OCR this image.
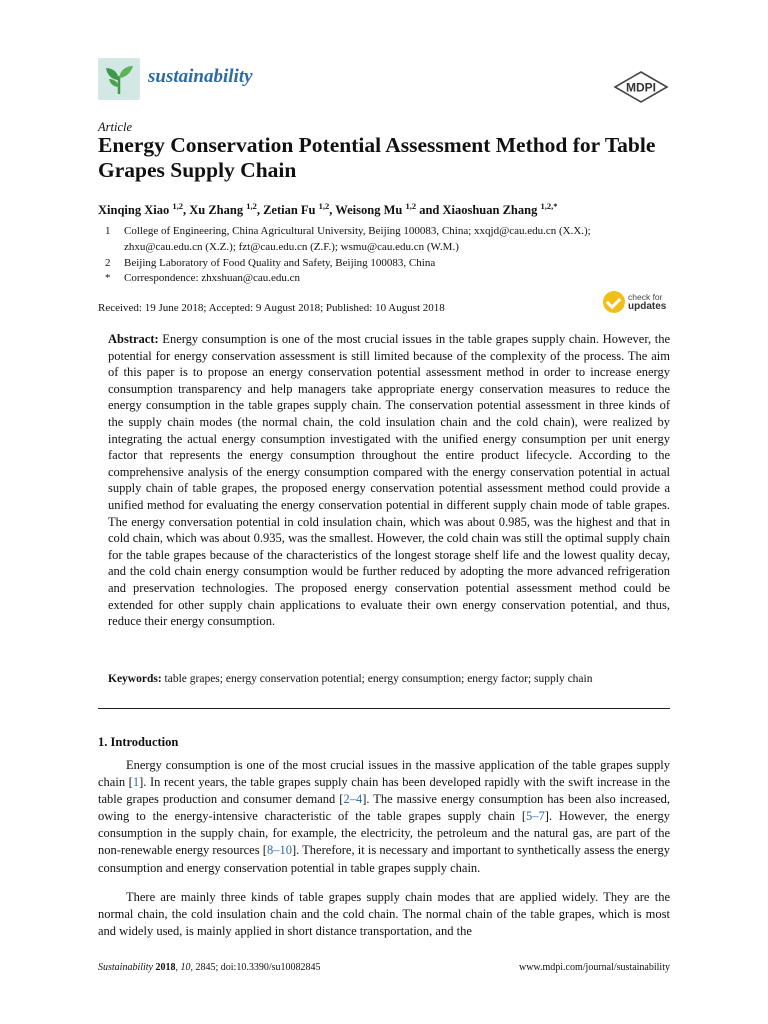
sustainability
MDPI
Article
Energy Conservation Potential Assessment Method for Table Grapes Supply Chain
Xinqing Xiao $^{1,2}$, Xu Zhang $^{1,2}$, Zetian Fu $^{1,2}$, Weisong Mu $^{1,2}$ and Xiaoshuan Zhang $^{1,2,*}$
1 College of Engineering, China Agricultural University, Beijing 100083, China; xxqjd@cau.edu.cn (X.X.); zhxu@cau.edu.cn (X.Z.); fzt@cau.edu.cn (Z.F.); wsmu@cau.edu.cn (W.M.)
2 Beijing Laboratory of Food Quality and Safety, Beijing 100083, China
* Correspondence: zhxshuan@cau.edu.cn
Received: 19 June 2018; Accepted: 9 August 2018; Published: 10 August 2018
check for
updates

Abstract: Energy consumption is one of the most crucial issues in the table grapes supply chain. However, the potential for energy conservation assessment is still limited because of the complexity of the process. The aim of this paper is to propose an energy conservation potential assessment method in order to increase energy consumption transparency and help managers take appropriate energy conservation measures to reduce the energy consumption in the table grapes supply chain. The conservation potential assessment in three kinds of the supply chain modes (the normal chain, the cold insulation chain and the cold chain), were realized by integrating the actual energy consumption investigated with the unified energy consumption per unit energy factor that represents the energy consumption throughout the entire product lifecycle. According to the comprehensive analysis of the energy consumption compared with the energy conservation potential in actual supply chain of table grapes, the proposed energy conservation potential assessment method could provide a unified method for evaluating the energy conservation potential in different supply chain mode of table grapes. The energy conversation potential in cold insulation chain, which was about 0.985, was the highest and that in cold chain, which was about 0.935, was the smallest. However, the cold chain was still the optimal supply chain for the table grapes because of the characteristics of the longest storage shelf life and the lowest quality decay, and the cold chain energy consumption would be further reduced by adopting the more advanced refrigeration and preservation technologies. The proposed energy conservation potential assessment method could be extended for other supply chain applications to evaluate their own energy conservation potential, and thus, reduce their energy consumption.

Keywords: table grapes; energy conservation potential; energy consumption; energy factor; supply chain
1. Introduction

Energy consumption is one of the most crucial issues in the massive application of the table grapes supply chain [1]. In recent years, the table grapes supply chain has been developed rapidly with the swift increase in the table grapes production and consumer demand [2–4]. The massive energy consumption has been also increased, owing to the energy-intensive characteristic of the table grapes supply chain [5–7]. However, the energy consumption in the supply chain, for example, the electricity, the petroleum and the natural gas, are part of the non-renewable energy resources [8–10]. Therefore, it is necessary and important to synthetically assess the energy consumption and energy conservation potential in table grapes supply chain.

There are mainly three kinds of table grapes supply chain modes that are applied widely. They are the normal chain, the cold insulation chain and the cold chain. The normal chain of the table grapes, which is most and widely used, is mainly applied in short distance transportation, and the

Sustainability 2018, 10, 2845; doi:10.3390/su10082845	www.mdpi.com/journal/sustainability
